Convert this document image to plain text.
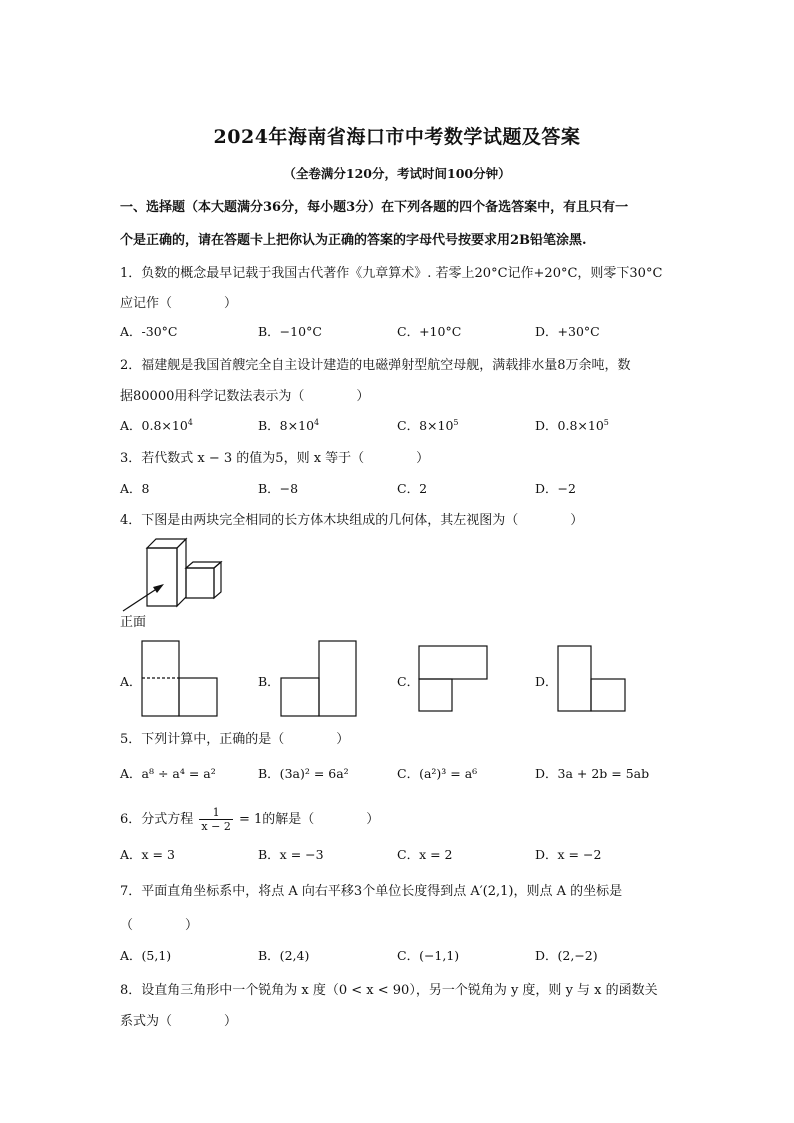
2024年海南省海口市中考数学试题及答案
（全卷满分120分，考试时间100分钟）
一、选择题（本大题满分36分，每小题3分）在下列各题的四个备选答案中，有且只有一
个是正确的，请在答题卡上把你认为正确的答案的字母代号按要求用2B铅笔涂黑.
1．负数的概念最早记载于我国古代著作《九章算术》. 若零上20°C记作+20°C，则零下30°C
应记作（　　　　）
A．-30°C	B．−10°C	C．+10°C	D．+30°C
2．福建舰是我国首艘完全自主设计建造的电磁弹射型航空母舰，满载排水量8万余吨，数
据80000用科学记数法表示为（　　　　）
A．$0.8\times 10^4$	B．$8\times 10^4$	C．$8\times 10^5$	D．$0.8\times 10^5$
3．若代数式 x − 3 的值为5，则 x 等于（　　　　）
A．8	B．−8	C．2	D．−2
4．下图是由两块完全相同的长方体木块组成的几何体，其左视图为（　　　　）
正面
A．	B．	C．	D．
5．下列计算中，正确的是（　　　　）
A．a⁸ ÷ a⁴ = a²	B．(3a)² = 6a²	C．(a²)³ = a⁶	D．3a + 2b = 5ab
6．分式方程 $\frac{1}{x - 2} = 1$的解是（　　　　）
A．x = 3	B．x = −3	C．x = 2	D．x = −2
7．平面直角坐标系中，将点 A 向右平移3个单位长度得到点 A′(2,1)，则点 A 的坐标是
（　　　　）
A．(5,1)	B．(2,4)	C．(−1,1)	D．(2,−2)
8．设直角三角形中一个锐角为 x 度（0 < x < 90），另一个锐角为 y 度，则 y 与 x 的函数关
系式为（　　　　）
